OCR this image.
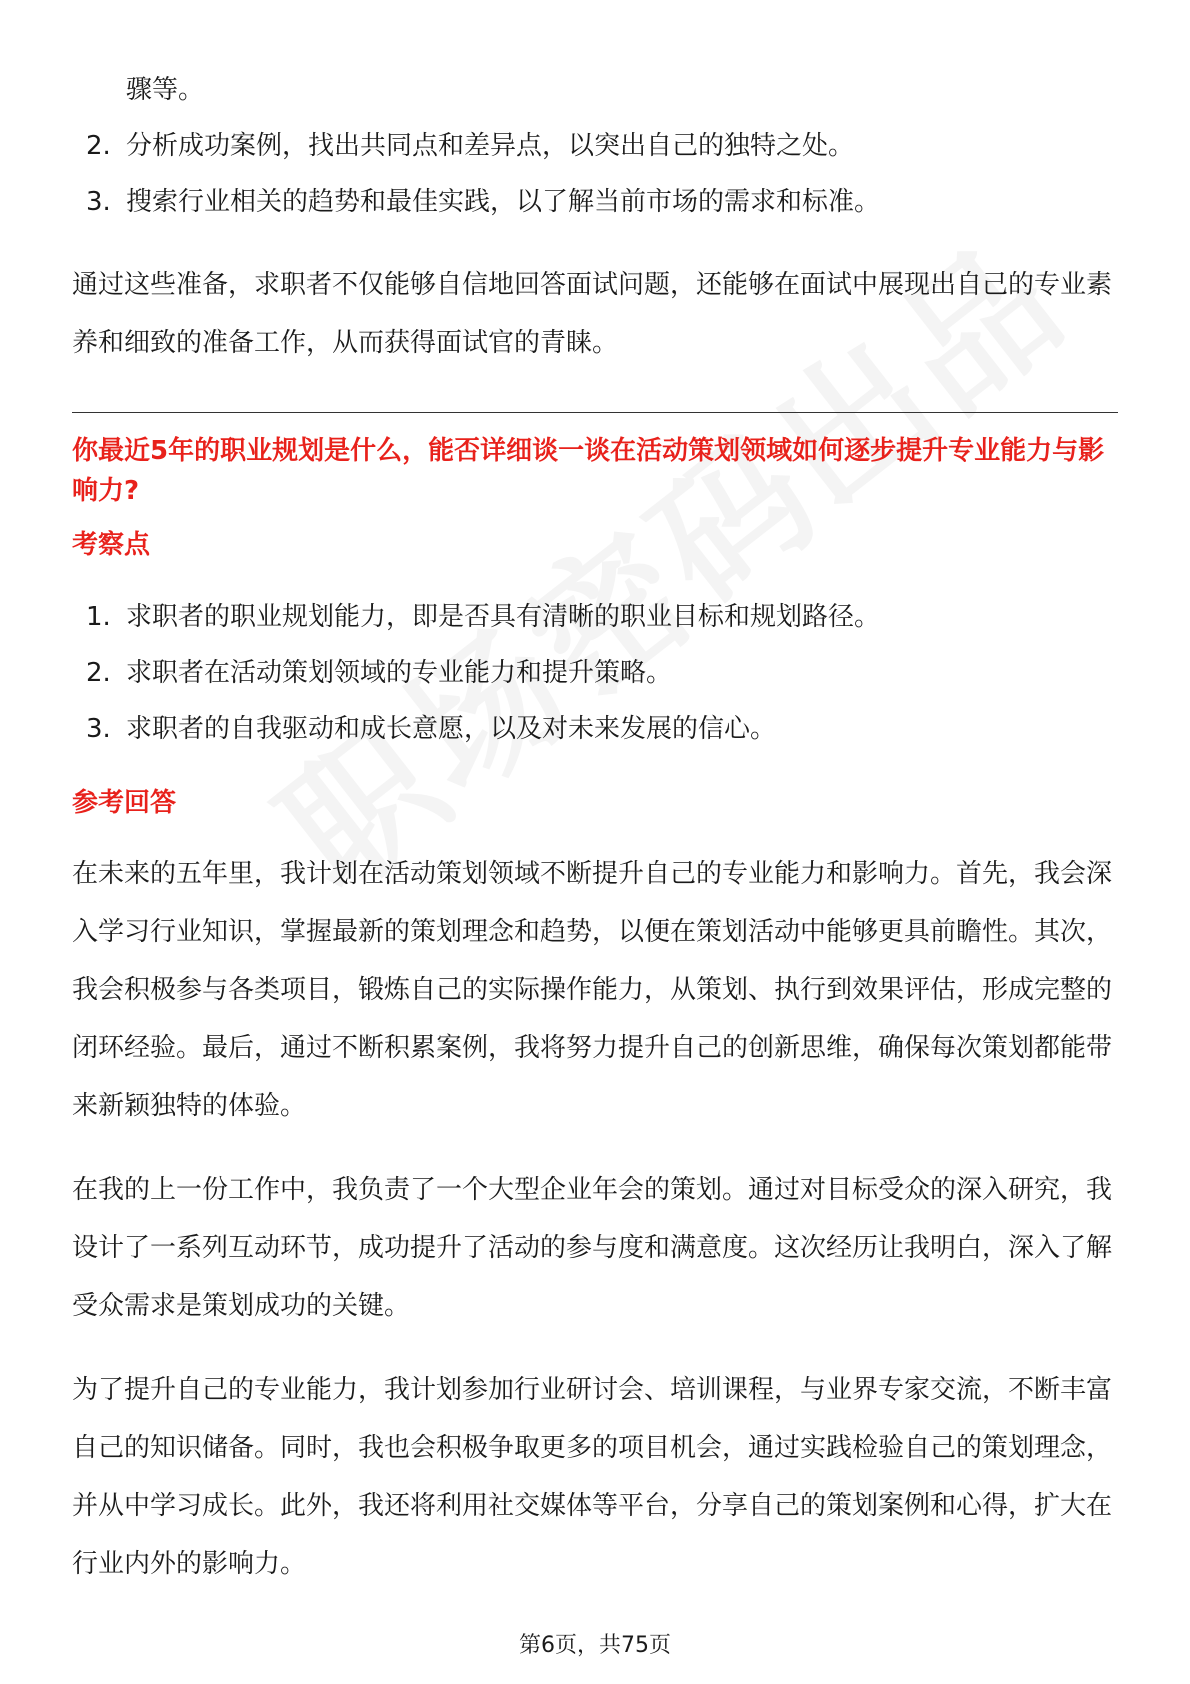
骤等。
2. 分析成功案例，找出共同点和差异点，以突出自己的独特之处。
3. 搜索行业相关的趋势和最佳实践，以了解当前市场的需求和标准。

通过这些准备，求职者不仅能够自信地回答面试问题，还能够在面试中展现出自己的专业素养和细致的准备工作，从而获得面试官的青睐。

你最近5年的职业规划是什么，能否详细谈一谈在活动策划领域如何逐步提升专业能力与影响力?

考察点

1. 求职者的职业规划能力，即是否具有清晰的职业目标和规划路径。
2. 求职者在活动策划领域的专业能力和提升策略。
3. 求职者的自我驱动和成长意愿，以及对未来发展的信心。

参考回答

在未来的五年里，我计划在活动策划领域不断提升自己的专业能力和影响力。首先，我会深入学习行业知识，掌握最新的策划理念和趋势，以便在策划活动中能够更具前瞻性。其次，我会积极参与各类项目，锻炼自己的实际操作能力，从策划、执行到效果评估，形成完整的闭环经验。最后，通过不断积累案例，我将努力提升自己的创新思维，确保每次策划都能带来新颖独特的体验。

在我的上一份工作中，我负责了一个大型企业年会的策划。通过对目标受众的深入研究，我设计了一系列互动环节，成功提升了活动的参与度和满意度。这次经历让我明白，深入了解受众需求是策划成功的关键。

为了提升自己的专业能力，我计划参加行业研讨会、培训课程，与业界专家交流，不断丰富自己的知识储备。同时，我也会积极争取更多的项目机会，通过实践检验自己的策划理念，并从中学习成长。此外，我还将利用社交媒体等平台，分享自己的策划案例和心得，扩大在行业内外的影响力。

第6页，共75页
